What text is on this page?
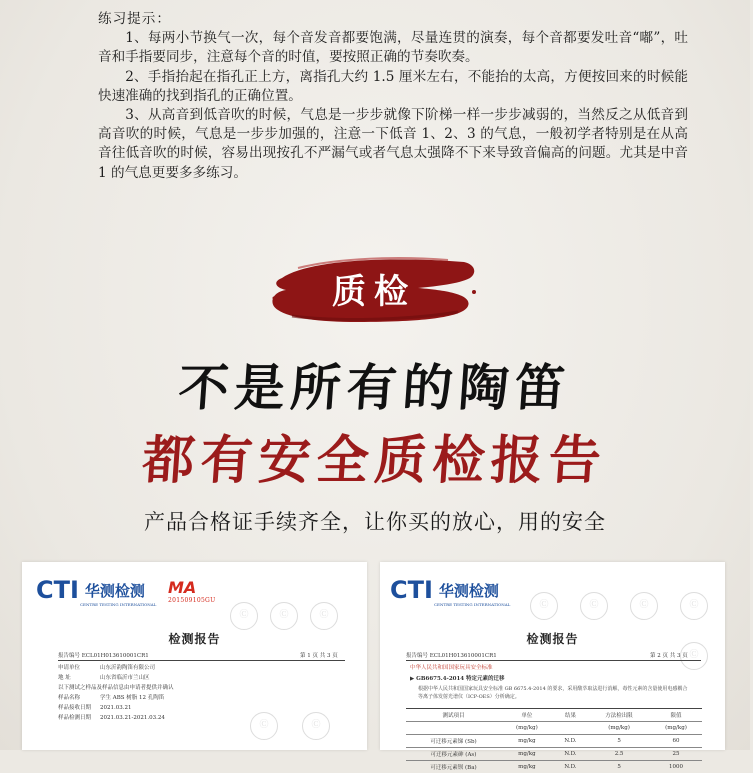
练习提示：

1、每两小节换气一次，每个音发音都要饱满，尽量连贯的演奏，每个音都要发吐音“嘟”，吐音和手指要同步，注意每个音的时值，要按照正确的节奏吹奏。

2、手指抬起在指孔正上方，离指孔大约 1.5 厘米左右，不能抬的太高，方便按回来的时候能快速准确的找到指孔的正确位置。

3、从高音到低音吹的时候，气息是一步步就像下阶梯一样一步步减弱的，当然反之从低音到高音吹的时候，气息是一步步加强的，注意一下低音 1、2、3 的气息，一般初学者特别是在从高音往低音吹的时候，容易出现按孔不严漏气或者气息太强降不下来导致音偏高的问题。尤其是中音 1 的气息更要多多练习。

质检
不是所有的陶笛
都有安全质检报告
产品合格证手续齐全，让你买的放心，用的安全
Ⓒ	Ⓒ	Ⓒ
Ⓒ	Ⓒ
CTI 华测检测
CENTRE TESTING INTERNATIONAL
MA
201509105GU
检测报告
报告编号 ECL01H013610001CR1	第 1 页 共 3 页
申请单位	山东沂韵陶笛有限公司
地 址	山东省临沂市兰山区
以下测试之样品及样品信息由申请者提供并确认
样品名称	学生 ABS 树脂 12 孔陶笛
样品接收日期 2021.03.21
样品检测日期 2021.03.21-2021.03.24
Ⓒ	Ⓒ	Ⓒ	Ⓒ
Ⓒ
CTI 华测检测
CENTRE TESTING INTERNATIONAL
检测报告
报告编号 ECL01H013610001CR1	第 2 页 共 3 页
中华人民共和国国家玩具安全标准
▶ GB6675.4-2014 特定元素的迁移
根据中华人民共和国国家玩具安全标准 GB 6675.4-2014 的要求，采用酸萃取法进行消解，毒性元素的含量使用电感耦合等离子体发射光谱仪（ICP-OES）分析确定。
测试项目	单位	结果	方法检出限	限值
	(mg/kg)		(mg/kg)	(mg/kg)
可迁移元素锑 (Sb)	mg/kg	N.D.	5	60
可迁移元素砷 (As)	mg/kg	N.D.	2.5	25
可迁移元素钡 (Ba)	mg/kg	N.D.	5	1000
